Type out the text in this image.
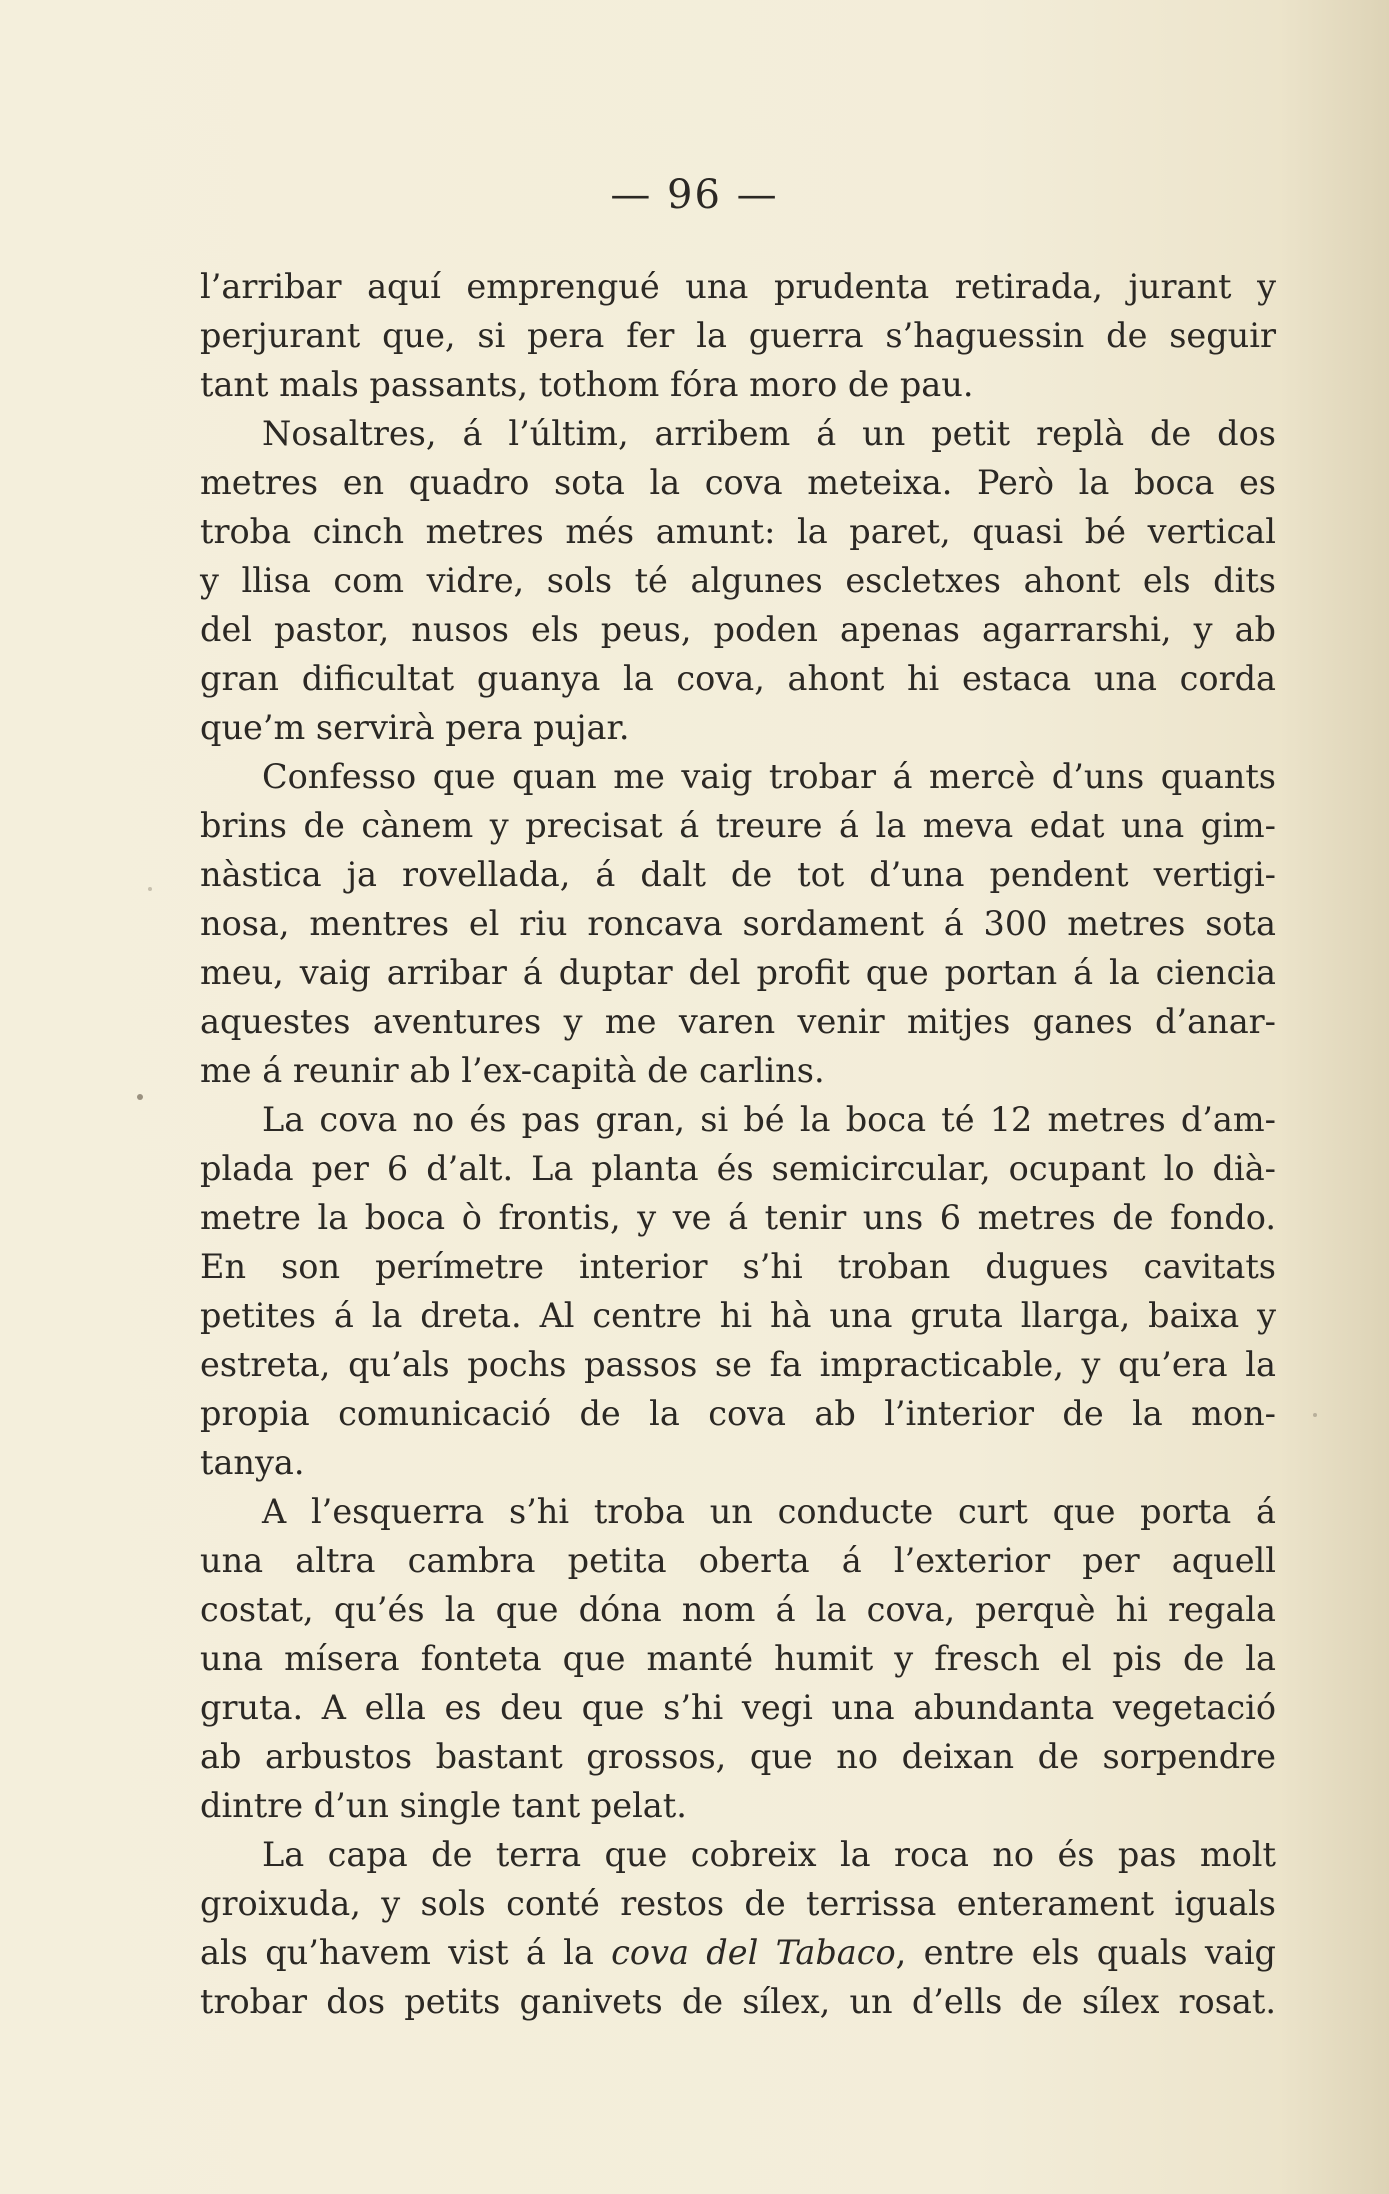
— 96 —
l’arribar aquí emprengué una prudenta retirada, jurant y
perjurant que, si pera fer la guerra s’haguessin de seguir
tant mals passants, tothom fóra moro de pau.
Nosaltres, á l’últim, arribem á un petit replà de dos
metres en quadro sota la cova meteixa. Però la boca es
troba cinch metres més amunt: la paret, quasi bé vertical
y llisa com vidre, sols té algunes escletxes ahont els dits
del pastor, nusos els peus, poden apenas agarrarshi, y ab
gran dificultat guanya la cova, ahont hi estaca una corda
que’m servirà pera pujar.
Confesso que quan me vaig trobar á mercè d’uns quants
brins de cànem y precisat á treure á la meva edat una gim-
nàstica ja rovellada, á dalt de tot d’una pendent vertigi-
nosa, mentres el riu roncava sordament á 300 metres sota
meu, vaig arribar á duptar del profit que portan á la ciencia
aquestes aventures y me varen venir mitjes ganes d’anar-
me á reunir ab l’ex-capità de carlins.
La cova no és pas gran, si bé la boca té 12 metres d’am-
plada per 6 d’alt. La planta és semicircular, ocupant lo dià-
metre la boca ò frontis, y ve á tenir uns 6 metres de fondo.
En son perímetre interior s’hi troban dugues cavitats
petites á la dreta. Al centre hi hà una gruta llarga, baixa y
estreta, qu’als pochs passos se fa impracticable, y qu’era la
propia comunicació de la cova ab l’interior de la mon-
tanya.
A l’esquerra s’hi troba un conducte curt que porta á
una altra cambra petita oberta á l’exterior per aquell
costat, qu’és la que dóna nom á la cova, perquè hi regala
una mísera fonteta que manté humit y fresch el pis de la
gruta. A ella es deu que s’hi vegi una abundanta vegetació
ab arbustos bastant grossos, que no deixan de sorpendre
dintre d’un single tant pelat.
La capa de terra que cobreix la roca no és pas molt
groixuda, y sols conté restos de terrissa enterament iguals
als qu’havem vist á la cova del Tabaco, entre els quals vaig
trobar dos petits ganivets de sílex, un d’ells de sílex rosat.
